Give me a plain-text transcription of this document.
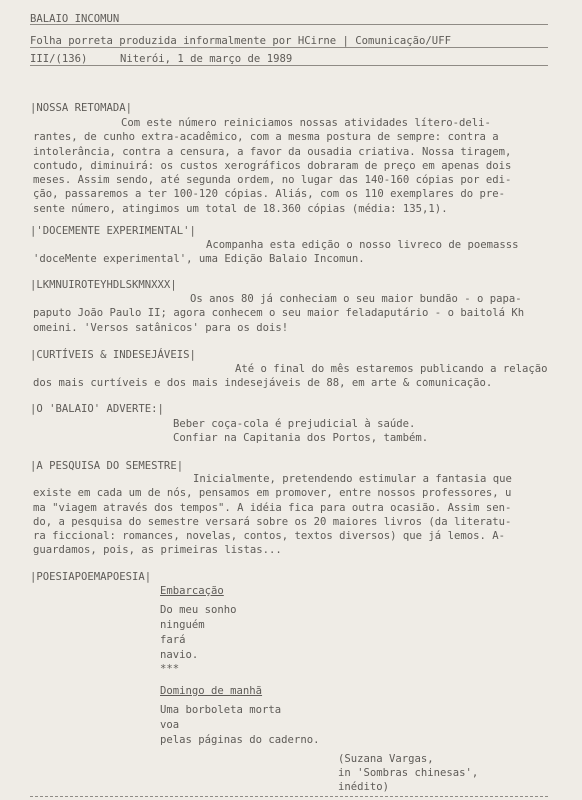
BALAIO INCOMUN
Folha porreta produzida informalmente por HCirne | Comunicação/UFF
III/(136)	Niterói, 1 de março de 1989
|NOSSA RETOMADA|
Com este número reiniciamos nossas atividades lítero-deli-
rantes, de cunho extra-acadêmico, com a mesma postura de sempre: contra a
intolerância, contra a censura, a favor da ousadia criativa. Nossa tiragem,
contudo, diminuirá: os custos xerográficos dobraram de preço em apenas dois
meses. Assim sendo, até segunda ordem, no lugar das 140-160 cópias por edi-
ção, passaremos a ter 100-120 cópias. Aliás, com os 110 exemplares do pre-
sente número, atingimos um total de 18.360 cópias (média: 135,1).
|'DOCEMENTE EXPERIMENTAL'|
Acompanha esta edição o nosso livreco de poemasss
'doceMente experimental', uma Edição Balaio Incomun.
|LKMNUIROTEYHDLSKMNXXX|
Os anos 80 já conheciam o seu maior bundão - o papa-
paputo João Paulo II; agora conhecem o seu maior feladaputário - o baitolá Kh
omeini. 'Versos satânicos' para os dois!
|CURTÍVEIS & INDESEJÁVEIS|
Até o final do mês estaremos publicando a relação
dos mais curtíveis e dos mais indesejáveis de 88, em arte & comunicação.
|O 'BALAIO' ADVERTE:|
Beber coça-cola é prejudicial à saúde.
Confiar na Capitania dos Portos, também.
|A PESQUISA DO SEMESTRE|
Inicialmente, pretendendo estimular a fantasia que
existe em cada um de nós, pensamos em promover, entre nossos professores, u
ma "viagem através dos tempos". A idéia fica para outra ocasião. Assim sen-
do, a pesquisa do semestre versará sobre os 20 maiores livros (da literatu-
ra ficcional: romances, novelas, contos, textos diversos) que já lemos. A-
guardamos, pois, as primeiras listas...
|POESIAPOEMAPOESIA|
Embarcação
Do meu sonho
ninguém
fará
navio.
***
Domingo de manhã
Uma borboleta morta
voa
pelas páginas do caderno.
(Suzana Vargas,
in 'Sombras chinesas',
inédito)
